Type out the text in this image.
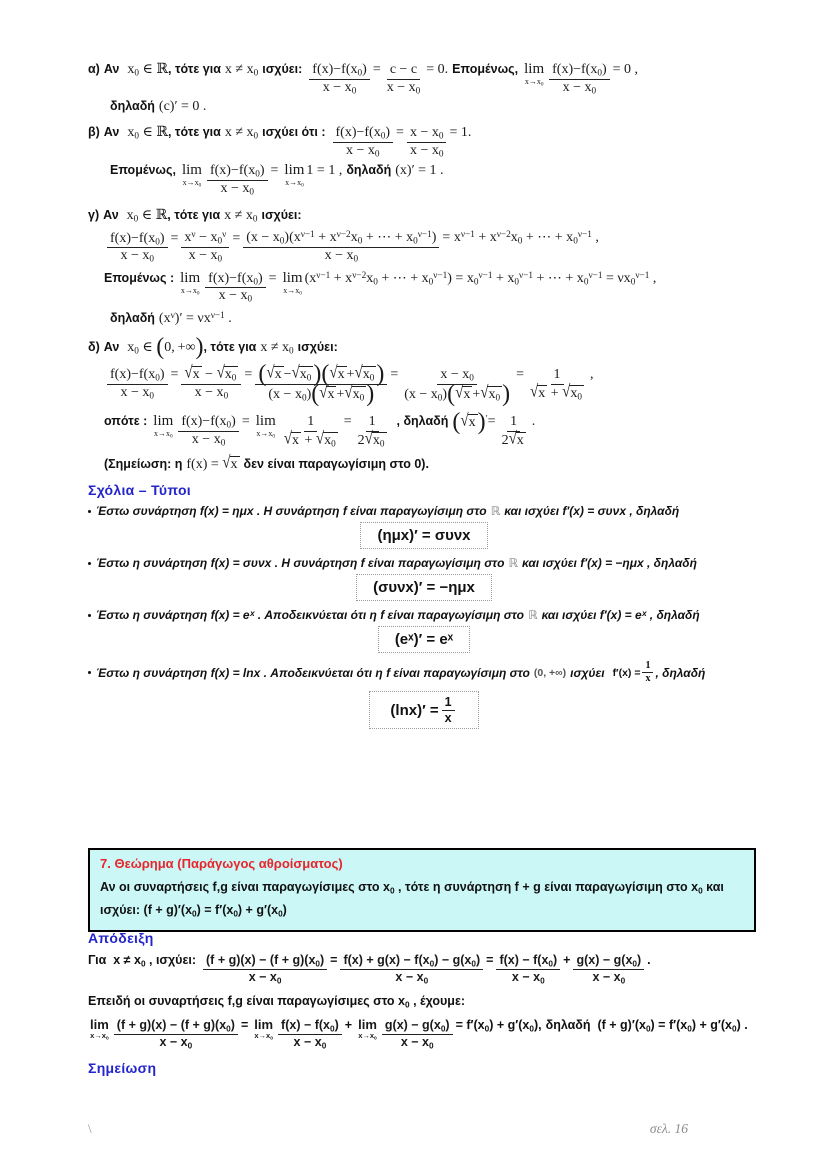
α) Αν $x_0$ ∈ ℝ , τότε για $x \ne x_0$ ισχύει: $\frac{f(x)-f(x_0)}{x - x_0} = \frac{c - c}{x - x_0} = 0$. Επομένως, lim
$x\to x_0 \frac{f(x)-f(x_0)}{x - x_0} = 0$ ,
δηλαδή (c)′ = 0 .
β) Αν $x_0$ ∈ ℝ , τότε για $x \ne x_0$ ισχύει ότι : $\frac{f(x)-f(x_0)}{x - x_0} = \frac{x - x_0}{x - x_0} = 1$.
Επομένως, lim
$x\to x_0 \frac{f(x)-f(x_0)}{x - x_0} = \lim$
$x\to x_0$
1 = 1 , δηλαδή (x)′ = 1 .
γ) Αν $x_0$ ∈ ℝ , τότε για $x \ne x_0$ ισχύει:
$\frac{f(x)-f(x_0)}{x - x_0} = \frac{x^\nu - x_0^\nu}{x - x_0} = \frac{(x - x_0)(x^{\nu-1} + x^{\nu-2}x_0 + \cdots + x_0^{\nu-1})}{x - x_0} = x^{\nu-1} + x^{\nu-2}x_0$ + ⋯ + $x_0^{\nu-1}$ ,
Επομένως : lim
$x\to x_0 \frac{f(x)-f(x_0)}{x - x_0} = \lim$
$x\to x_0$
($x^{\nu-1} + x^{\nu-2}x_0$ + ⋯ + $x_0^{\nu-1}) = x_0^{\nu-1} + x_0^{\nu-1}$ + ⋯ + $x_0^{\nu-1} = \nu x_0^{\nu-1}$ ,
δηλαδή $(x^\nu)' = \nu x^{\nu-1}$ .
δ) Αν $x_0$ ∈ (0, +∞) , τότε για $x \ne x_0$ ισχύει:
$\frac{f(x)-f(x_0)}{x - x_0} = \frac{√ x - √ x_0}{x - x_0} = \frac{( √ x - √ x_0 )( √ x + √ x_0 )}{(x - x_0)( √ x + √ x_0 )} = \frac{x - x_0}{(x - x_0)( √ x + √ x_0 )} = \frac{1}{√ x + √ x_0}$ ,
οπότε : lim
$x\to x_0 \frac{f(x)-f(x_0)}{x - x_0} = \lim$
$x\to x_0 \frac{1}{√ x + √ x_0} = \frac{1}{2 √ x_0}$ , δηλαδή ( √ x )$' = \frac{1}{2 √ x}$ .
(Σημείωση: η f(x) = √ x δεν είναι παραγωγίσιμη στο 0).
Σχόλια – Τύποι
Έστω συνάρτηση f(x) = ημx . Η συνάρτηση f είναι παραγωγίσιμη στο ℝ και ισχύει f′(x) = συνx , δηλαδή
(ημx)′ = συνx
Έστω η συνάρτηση f(x) = συνx . Η συνάρτηση f είναι παραγωγίσιμη στο ℝ και ισχύει f′(x) = −ημx , δηλαδή
(συνx)′ = −ημx
Έστω η συνάρτηση f(x) = eˣ . Αποδεικνύεται ότι η f είναι παραγωγίσιμη στο ℝ και ισχύει f′(x) = eˣ , δηλαδή
(eˣ)′ = eˣ
Έστω η συνάρτηση f(x) = lnx . Αποδεικνύεται ότι η f είναι παραγωγίσιμη στο (0, +∞) ισχύει $f'(x) = \frac{1}{x}$ , δηλαδή
$(\ln x)' = \frac{1}{x}$
7. Θεώρημα (Παράγωγος αθροίσματος)
Αν οι συναρτήσεις f,g είναι παραγωγίσιμες στο $x_0$ , τότε η συνάρτηση f + g είναι παραγωγίσιμη στο $x_0$ και
ισχύει: $(f + g)'(x_0) = f'(x_0) + g'(x_0)$
Απόδειξη
Για  $x \ne x_0$ , ισχύει: $\frac{(f + g)(x) - (f + g)(x_0)}{x - x_0} = \frac{f(x) + g(x) - f(x_0) - g(x_0)}{x - x_0} = \frac{f(x) - f(x_0)}{x - x_0} + \frac{g(x) - g(x_0)}{x - x_0}$ .
Επειδή οι συναρτήσεις f,g είναι παραγωγίσιμες στο $x_0$ , έχουμε:
lim
$x\to x_0 \frac{(f + g)(x) - (f + g)(x_0)}{x - x_0} = \lim$
$x\to x_0 \frac{f(x) - f(x_0)}{x - x_0} + \lim$
$x\to x_0 \frac{g(x) - g(x_0)}{x - x_0} = f'(x_0) + g'(x_0)$, δηλαδή  $(f + g)'(x_0) = f'(x_0) + g'(x_0)$ .
Σημείωση
\	σελ. 16
